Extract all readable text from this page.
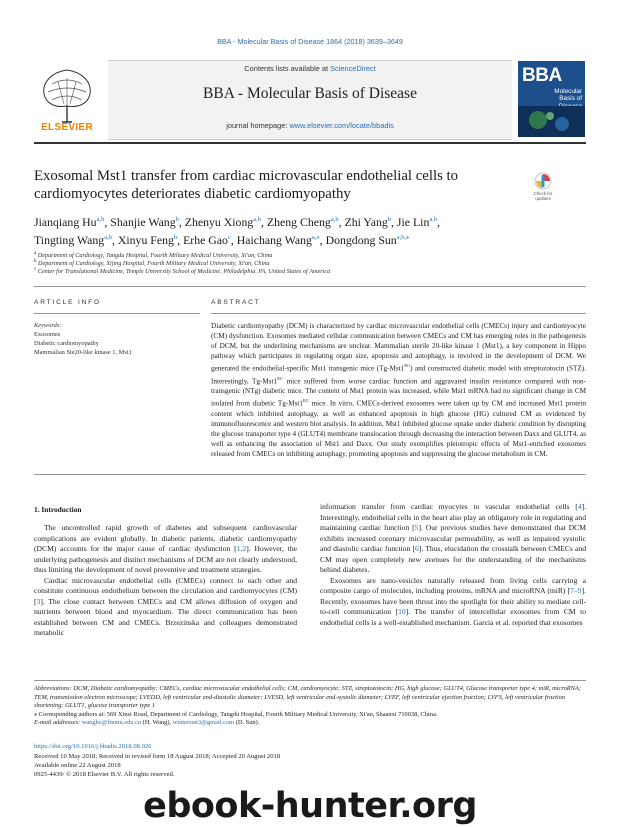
BBA - Molecular Basis of Disease 1864 (2018) 3639–3649
ELSEVIER
Contents lists available at ScienceDirect
BBA - Molecular Basis of Disease
journal homepage: www.elsevier.com/locate/bbadis
BBA
Molecular
Basis of
Exosomal Mst1 transfer from cardiac microvascular endothelial cells to
cardiomyocytes deteriorates diabetic cardiomyopathy	Check for
updates
Jianqiang Hu$^{a,b}$, Shanjie Wang$^b$, Zhenyu Xiong$^{a,b}$, Zheng Cheng$^{a,b}$, Zhi Yang$^b$, Jie Lin$^{a,b}$,
Tingting Wang$^{a,b}$, Xinyu Feng$^b$, Erhe Gao$^c$, Haichang Wang$^{a,⁎}$, Dongdong Sun$^{a,b,⁎}$
$^a$ Department of Cardiology, Tangdu Hospital, Fourth Military Medical University, Xi'an, China
$^b$ Department of Cardiology, Xijing Hospital, Fourth Military Medical University, Xi'an, China
$^c$ Center for Translational Medicine, Temple University School of Medicine, Philadelphia, PA, United States of America
ARTICLE INFO	ABSTRACT
Keywords:
Exosomes
Diabetic cardiomyopathy
Mammalian Ste20-like kinase 1, Mst1
Diabetic cardiomyopathy (DCM) is characterized by cardiac microvascular endothelial cells (CMECs) injury and cardiomyocyte (CM) dysfunction. Exosomes mediated cellular communication between CMECs and CM has emerging roles in the pathogenesis of DCM, but the underlining mechanisms are unclear. Mammalian sterile 20-like kinase 1 (Mst1), a key component in Hippo pathway which participates in regulating organ size, apoptosis and autophagy, is involved in the development of DCM. We generated the endothelial-specific Mst1 transgenic mice $(Tg-Mst1^{EC})$ and constructed diabetic model with streptozotocin (STZ). Interestingly, $Tg-Mst1^{EC}$ mice suffered from worse cardiac function and aggravated insulin resistance compared with non-transgenic (NTg) diabetic mice. The content of Mst1 protein was increased, while Mst1 mRNA had no significant change in CM isolated from diabetic $Tg-Mst1^{EC}$ mice. In vitro, CMECs-derived exosomes were taken up by CM and increased Mst1 protein content which inhibited autophagy, as well as enhanced apoptosis in high glucose (HG) cultured CM as evidenced by immunofluorescence and western blot analysis. In addition, Mst1 inhibited glucose uptake under diabetic condition by disrupting the glucose transporter type 4 (GLUT4) membrane translocation through decreasing the interaction between Daxx and GLUT4, as well as enhancing the association of Mst1 and Daxx. Our study exemplifies pleiotropic effects of Mst1-enriched exosomes released from CMECs on inhibiting autophagy, promoting apoptosis and suppressing the glucose metabolism in CM.
1. Introduction

The uncontrolled rapid growth of diabetes and subsequent cardiovascular complications are evident globally. In diabetic patients, diabetic cardiomyopathy (DCM) accounts for the major cause of cardiac dysfunction [1,2]. However, the underlying pathogenesis and distinct mechanisms of DCM are not clearly understood, thus limiting the development of novel preventive and treatment strategies.

Cardiac microvascular endothelial cells (CMECs) connect to each other and constitute continuous endothelium between the circulation and cardiomyocytes (CM) [3]. The close contact between CMECs and CM allows diffusion of oxygen and nutrients between blood and myocardium. The direct communication has been established between CM and CMECs. Brzezinska and colleagues demonstrated metabolic

information transfer from cardiac myocytes to vascular endothelial cells [4]. Interestingly, endothelial cells in the heart also play an obligatory role in regulating and maintaining cardiac function [5]. Our previous studies have demonstrated that DCM exhibits increased coronary microvascular permeability, as well as impaired systolic and diastolic cardiac function [6]. Thus, elucidation the crosstalk between CMECs and CM may open completely new avenues for the understanding of the mechanisms behind diabetes.

Exosomes are nano-vesicles naturally released from living cells carrying a composite cargo of molecules, including proteins, mRNA and microRNA (miR) [7–9]. Recently, exosomes have been thrust into the spotlight for their ability to mediate cell-to-cell communication [10]. The transfer of intercellular exosomes from CM to endothelial cells is a well-established mechanism. Garcia et al. reported that exosomes

Abbreviations: DCM, Diabetic cardiomyopathy; CMECs, cardiac microvascular endothelial cells; CM, cardiomyocyte; STZ, streptozotocin; HG, high glucose; GLUT4, Glucose transporter type 4; miR, microRNA; TEM, transmission electron microscope; LVEDD, left ventricular end-diastolic diameter; LVESD, left ventricular end-systolic diameter; LVEF, left ventricular ejection fraction; LVFS, left ventricular fraction shortening; GLUT1, glucose transporter type 1
⁎ Corresponding authors at: 569 Xinsi Road, Department of Cardiology, Tangdu Hospital, Fourth Military Medical University, Xi'an, Shaanxi 710038, China.
E-mail addresses: wanghc@fmmu.edu.cn (H. Wang), wintersun3@gmail.com (D. Sun).
https://doi.org/10.1016/j.bbadis.2018.08.026
Received 10 May 2018; Received in revised form 18 August 2018; Accepted 20 August 2018
Available online 22 August 2018
0925-4439/ © 2018 Elsevier B.V. All rights reserved.
ebook-hunter.org
